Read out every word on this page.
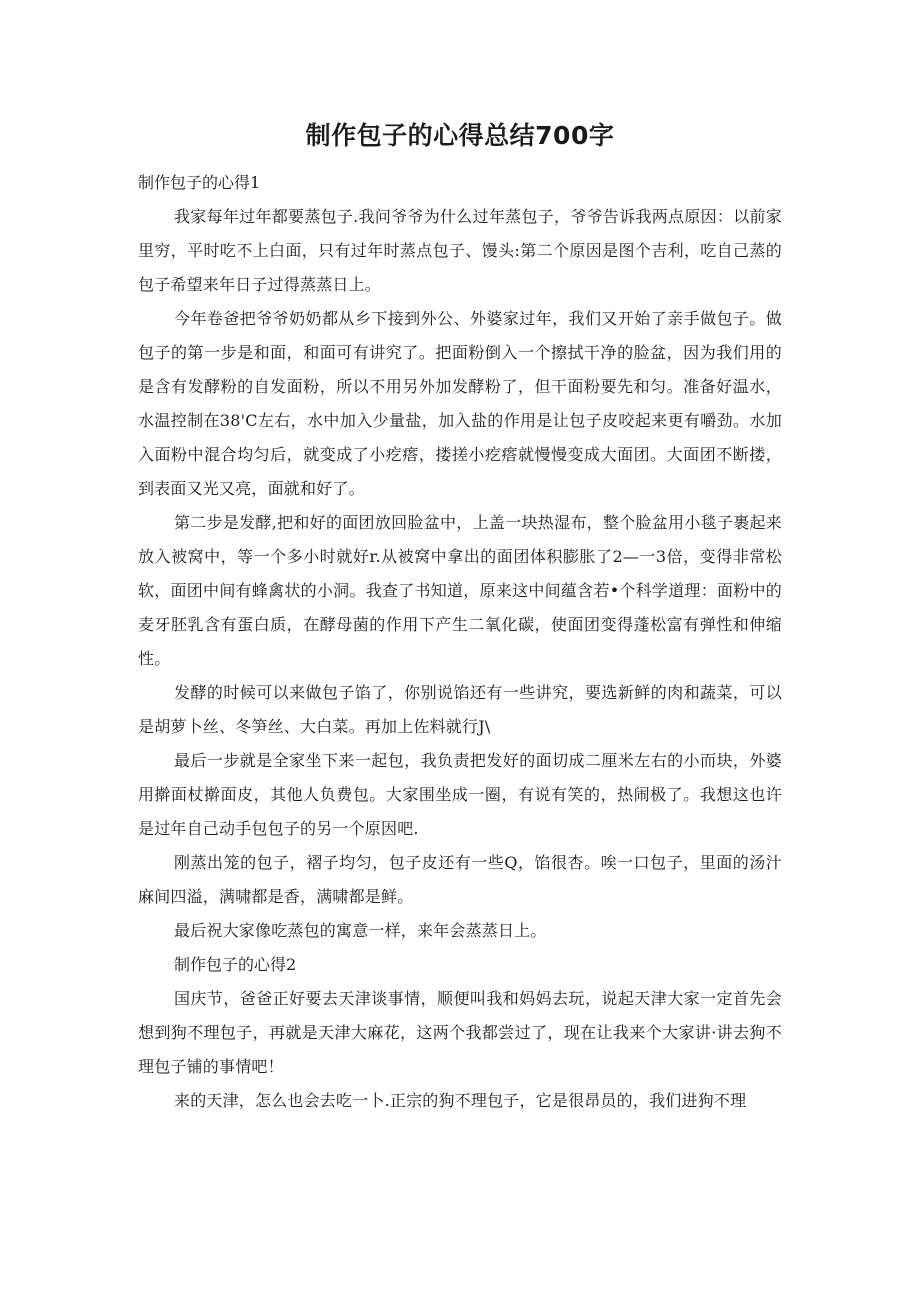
制作包子的心得总结700字

制作包子的心得1

我家每年过年都要蒸包子.我问爷爷为什么过年蒸包子，爷爷告诉我两点原因：以前家里穷，平时吃不上白面，只有过年时蒸点包子、馒头:第二个原因是图个吉利，吃自己蒸的包子希望来年日子过得蒸蒸日上。

今年卷爸把爷爷奶奶都从乡下接到外公、外婆家过年，我们又开始了亲手做包子。做包子的第一步是和面，和面可有讲究了。把面粉倒入一个擦拭干净的脸盆，因为我们用的是含有发酵粉的自发面粉，所以不用另外加发酵粉了，但干面粉要先和匀。准备好温水，水温控制在38'C左右，水中加入少量盐，加入盐的作用是让包子皮咬起来更有嚼劲。水加入面粉中混合均匀后，就变成了小疙瘩，搂搓小疙瘩就慢慢变成大面团。大面团不断搂，到表面又光又亮，面就和好了。

第二步是发酵,把和好的面团放回脸盆中，上盖一块热湿布，整个脸盆用小毯子裹起来放入被窝中，等一个多小时就好r.从被窝中拿出的面团体积膨胀了2—一3倍，变得非常松软，面团中间有蜂禽状的小洞。我查了书知道，原来这中间蕴含若•个科学道理：面粉中的麦牙胚乳含有蛋白质，在酵母菌的作用下产生二氧化碳，使面团变得蓬松富有弹性和伸缩性。

发酵的时候可以来做包子馅了，你别说馅还有一些讲究，要选新鲜的肉和蔬菜，可以是胡萝卜丝、冬笋丝、大白菜。再加上佐料就行J\

最后一步就是全家坐下来一起包，我负责把发好的面切成二厘米左右的小而块，外婆用擀面杖擀面皮，其他人负费包。大家围坐成一圈，有说有笑的，热闹极了。我想这也许是过年自己动手包包子的另一个原因吧.

刚蒸出笼的包子，褶子均匀，包子皮还有一些Q，馅很杏。唉一口包子，里面的汤汁麻间四溢，满啸都是香，满啸都是鲜。

最后祝大家像吃蒸包的寓意一样，来年会蒸蒸日上。

制作包子的心得2

国庆节，爸爸正好要去天津谈事情，顺便叫我和妈妈去玩，说起天津大家一定首先会想到狗不理包子，再就是天津大麻花，这两个我都尝过了，现在让我来个大家讲·讲去狗不理包子铺的事情吧！

来的天津，怎么也会去吃一卜.正宗的狗不理包子，它是很昂员的，我们进狗不理
